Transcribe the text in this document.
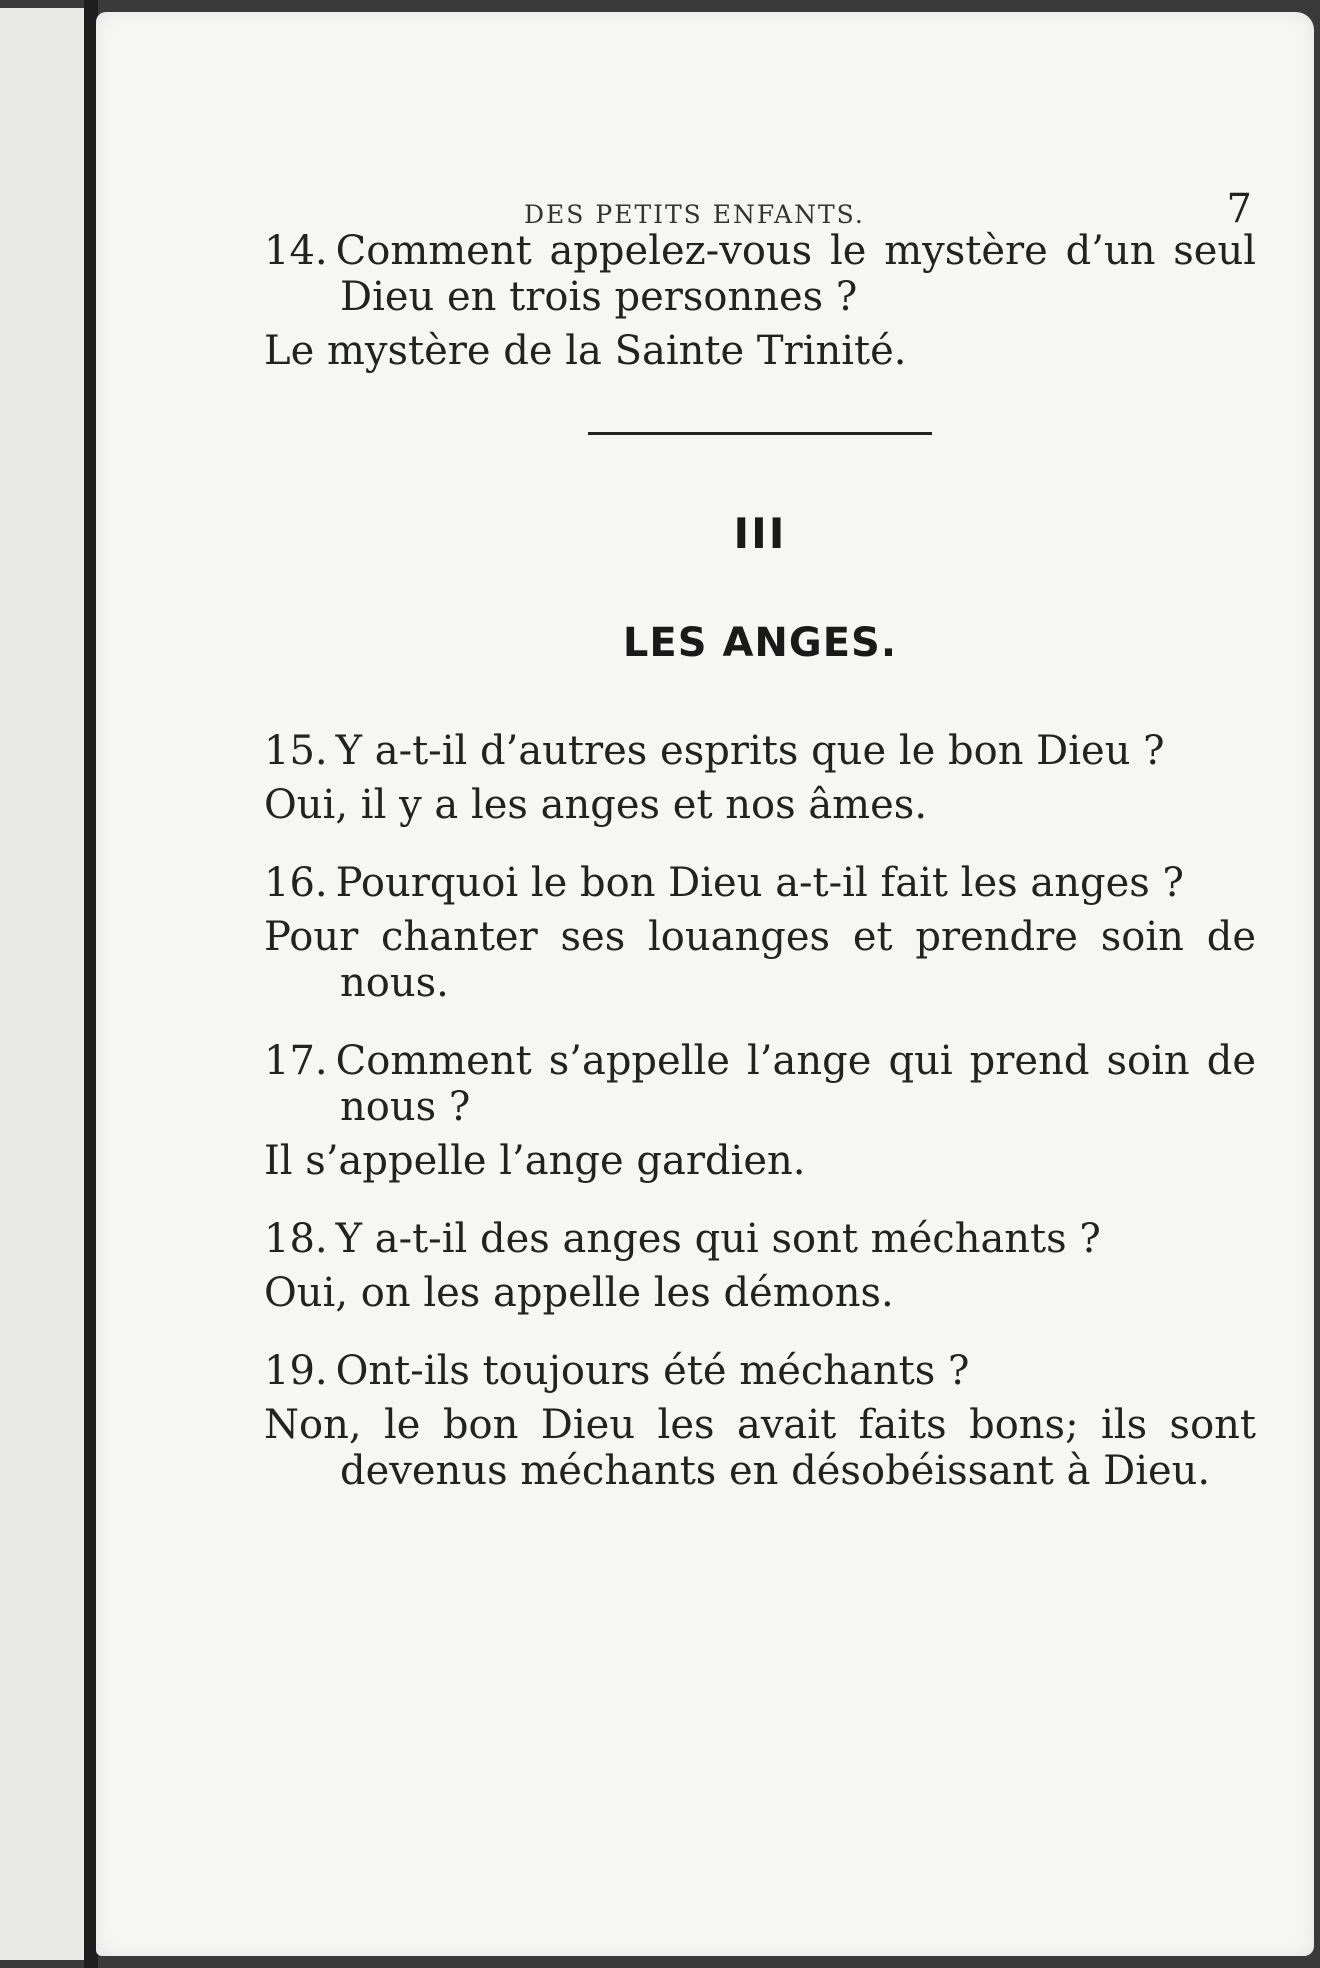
DES PETITS ENFANTS.	7

14. Comment appelez-vous le mystère d’un seul Dieu en trois personnes ?

Le mystère de la Sainte Trinité.

III

LES ANGES.

15. Y a-t-il d’autres esprits que le bon Dieu ?

Oui, il y a les anges et nos âmes.

16. Pourquoi le bon Dieu a-t-il fait les anges ?

Pour chanter ses louanges et prendre soin de nous.

17. Comment s’appelle l’ange qui prend soin de nous ?

Il s’appelle l’ange gardien.

18. Y a-t-il des anges qui sont méchants ?

Oui, on les appelle les démons.

19. Ont-ils toujours été méchants ?

Non, le bon Dieu les avait faits bons; ils sont devenus méchants en désobéissant à Dieu.
